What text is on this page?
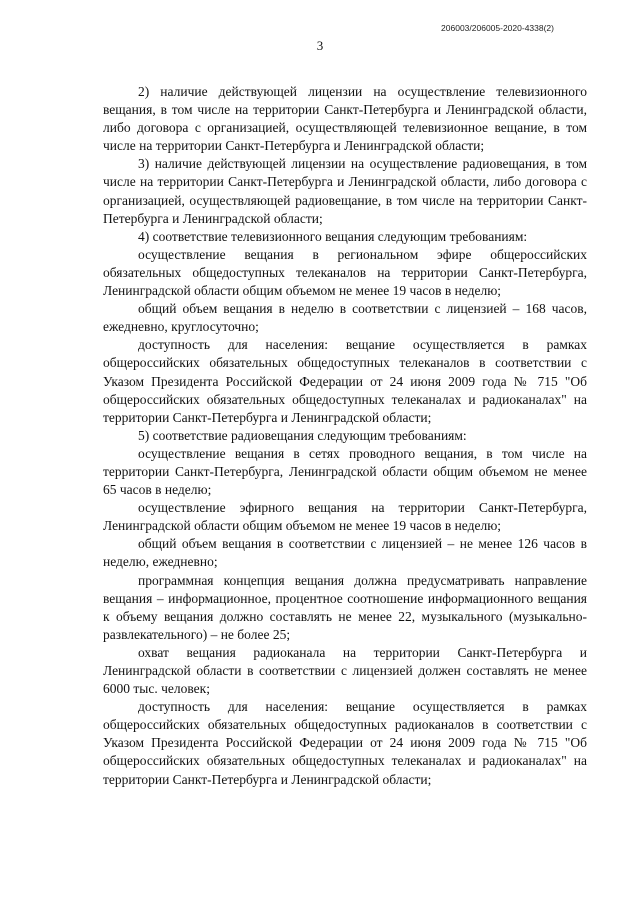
206003/206005-2020-4338(2)
3

2) наличие действующей лицензии на осуществление телевизионного вещания, в том числе на территории Санкт-Петербурга и Ленинградской области, либо договора с организацией, осуществляющей телевизионное вещание, в том числе на территории Санкт-Петербурга и Ленинградской области;

3) наличие действующей лицензии на осуществление радиовещания, в том числе на территории Санкт-Петербурга и Ленинградской области, либо договора с организацией, осуществляющей радиовещание, в том числе на территории Санкт-Петербурга и Ленинградской области;

4) соответствие телевизионного вещания следующим требованиям:

осуществление вещания в региональном эфире общероссийских обязательных общедоступных телеканалов на территории Санкт-Петербурга, Ленинградской области общим объемом не менее 19 часов в неделю;

общий объем вещания в неделю в соответствии с лицензией – 168 часов, ежедневно, круглосуточно;

доступность для населения: вещание осуществляется в рамках общероссийских обязательных общедоступных телеканалов в соответствии с Указом Президента Российской Федерации от 24 июня 2009 года № 715 "Об общероссийских обязательных общедоступных телеканалах и радиоканалах" на территории Санкт-Петербурга и Ленинградской области;

5) соответствие радиовещания следующим требованиям:

осуществление вещания в сетях проводного вещания, в том числе на территории Санкт-Петербурга, Ленинградской области общим объемом не менее 65 часов в неделю;

осуществление эфирного вещания на территории Санкт-Петербурга, Ленинградской области общим объемом не менее 19 часов в неделю;

общий объем вещания в соответствии с лицензией – не менее 126 часов в неделю, ежедневно;

программная концепция вещания должна предусматривать направление вещания – информационное, процентное соотношение информационного вещания к объему вещания должно составлять не менее 22, музыкального (музыкально-развлекательного) – не более 25;

охват вещания радиоканала на территории Санкт-Петербурга и Ленинградской области в соответствии с лицензией должен составлять не менее 6000 тыс. человек;

доступность для населения: вещание осуществляется в рамках общероссийских обязательных общедоступных радиоканалов в соответствии с Указом Президента Российской Федерации от 24 июня 2009 года № 715 "Об общероссийских обязательных общедоступных телеканалах и радиоканалах" на территории Санкт-Петербурга и Ленинградской области;
